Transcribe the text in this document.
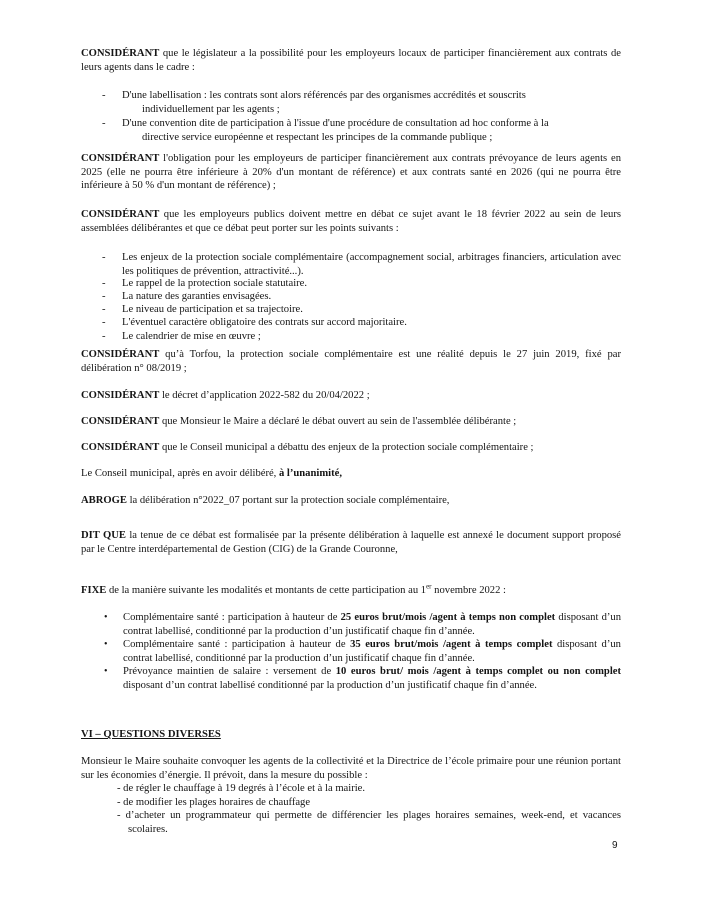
CONSIDÉRANT que le législateur a la possibilité pour les employeurs locaux de participer financièrement aux contrats de leurs agents dans le cadre :
- D'une labellisation : les contrats sont alors référencés par des organismes accrédités et souscrits
individuellement par les agents ;
- D'une convention dite de participation à l'issue d'une procédure de consultation ad hoc conforme à la
directive service européenne et respectant les principes de la commande publique ;
CONSIDÉRANT l'obligation pour les employeurs de participer financièrement aux contrats prévoyance de leurs agents en 2025 (elle ne pourra être inférieure à 20% d'un montant de référence) et aux contrats santé en 2026 (qui ne pourra être inférieure à 50 % d'un montant de référence) ;
CONSIDÉRANT que les employeurs publics doivent mettre en débat ce sujet avant le 18 février 2022 au sein de leurs assemblées délibérantes et que ce débat peut porter sur les points suivants :
- Les enjeux de la protection sociale complémentaire (accompagnement social, arbitrages financiers, articulation avec les politiques de prévention, attractivité...).
- Le rappel de la protection sociale statutaire.
- La nature des garanties envisagées.
- Le niveau de participation et sa trajectoire.
- L'éventuel caractère obligatoire des contrats sur accord majoritaire.
- Le calendrier de mise en œuvre ;
CONSIDÉRANT qu’à Torfou, la protection sociale complémentaire est une réalité depuis le 27 juin 2019, fixé par délibération n° 08/2019 ;
CONSIDÉRANT le décret d’application 2022-582 du 20/04/2022 ;
CONSIDÉRANT que Monsieur le Maire a déclaré le débat ouvert au sein de l'assemblée délibérante ;
CONSIDÉRANT que le Conseil municipal a débattu des enjeux de la protection sociale complémentaire ;
Le Conseil municipal, après en avoir délibéré, à l’unanimité,
ABROGE la délibération n°2022_07 portant sur la protection sociale complémentaire,
DIT QUE la tenue de ce débat est formalisée par la présente délibération à laquelle est annexé le document support proposé par le Centre interdépartemental de Gestion (CIG) de la Grande Couronne,
FIXE de la manière suivante les modalités et montants de cette participation au 1er novembre 2022 :
• Complémentaire santé : participation à hauteur de 25 euros brut/mois /agent à temps non complet disposant d’un contrat labellisé, conditionné par la production d’un justificatif chaque fin d’année.
• Complémentaire santé : participation à hauteur de 35 euros brut/mois /agent à temps complet disposant d’un contrat labellisé, conditionné par la production d’un justificatif chaque fin d’année.
• Prévoyance maintien de salaire : versement de 10 euros brut/ mois /agent à temps complet ou non complet disposant d’un contrat labellisé conditionné par la production d’un justificatif chaque fin d’année.
VI – QUESTIONS DIVERSES
Monsieur le Maire souhaite convoquer les agents de la collectivité et la Directrice de l’école primaire pour une réunion portant sur les économies d’énergie. Il prévoit, dans la mesure du possible :
- de régler le chauffage à 19 degrés à l’école et à la mairie.
- de modifier les plages horaires de chauffage
- d’acheter un programmateur qui permette de différencier les plages horaires semaines, week-end, et vacances scolaires.
9
